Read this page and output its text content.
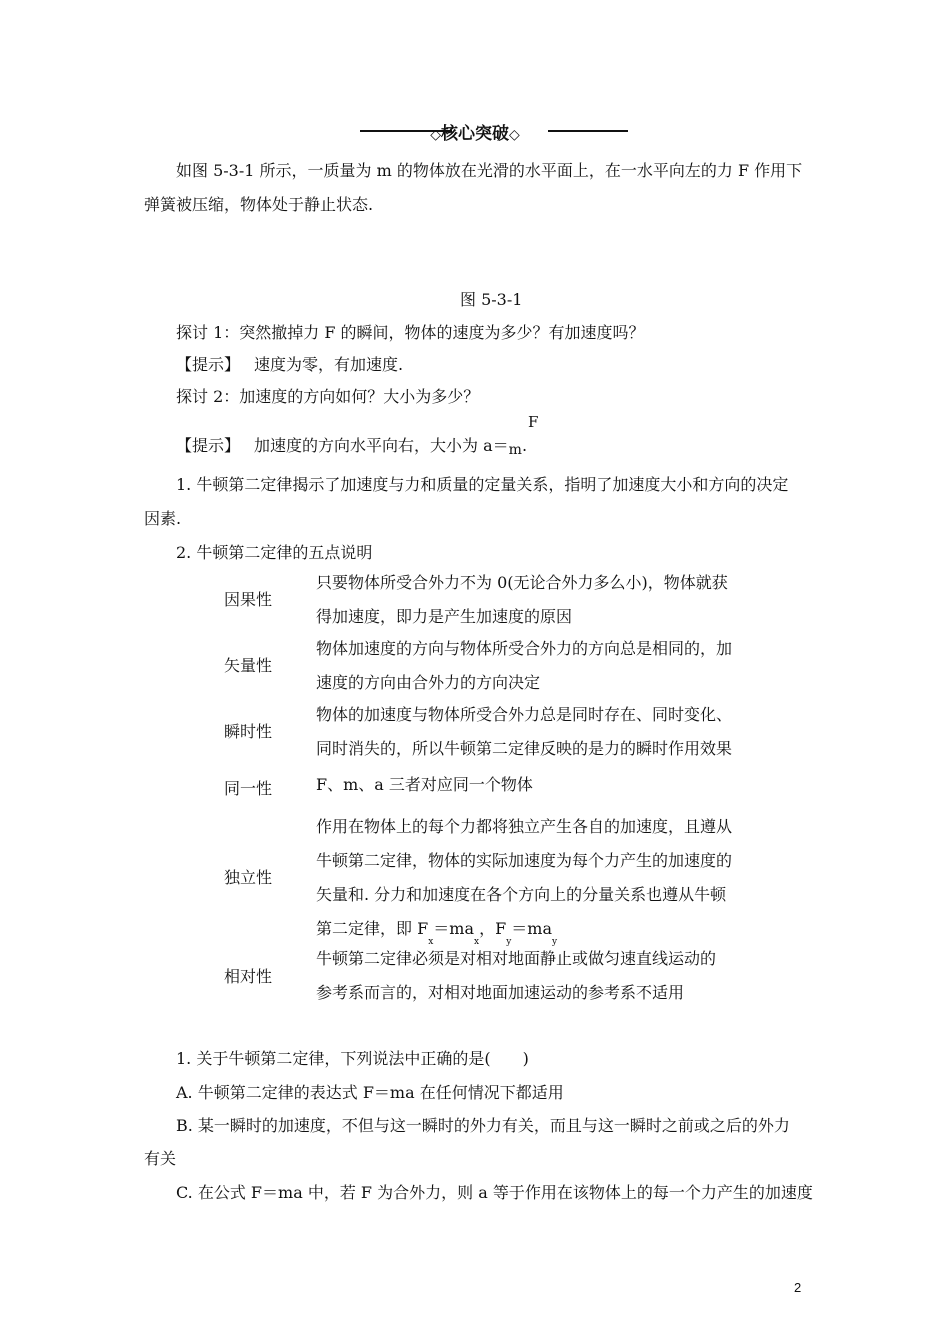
◇核心突破◇
如图 5-3-1 所示，一质量为 m 的物体放在光滑的水平面上，在一水平向左的力 F 作用下
弹簧被压缩，物体处于静止状态.
图 5-3-1
探讨 1：突然撤掉力 F 的瞬间，物体的速度为多少？有加速度吗？
【提示】 速度为零，有加速度.
探讨 2：加速度的方向如何？大小为多少？
F
【提示】 加速度的方向水平向右，大小为 a＝m.
1. 牛顿第二定律揭示了加速度与力和质量的定量关系，指明了加速度大小和方向的决定
因素.
2. 牛顿第二定律的五点说明
因果性
只要物体所受合外力不为 0(无论合外力多么小)，物体就获
得加速度，即力是产生加速度的原因
矢量性
物体加速度的方向与物体所受合外力的方向总是相同的，加
速度的方向由合外力的方向决定
瞬时性
物体的加速度与物体所受合外力总是同时存在、同时变化、
同时消失的，所以牛顿第二定律反映的是力的瞬时作用效果
同一性	F、m、a 三者对应同一个物体
独立性
作用在物体上的每个力都将独立产生各自的加速度，且遵从
牛顿第二定律，物体的实际加速度为每个力产生的加速度的
矢量和. 分力和加速度在各个方向上的分量关系也遵从牛顿
第二定律，即 $F_x=ma_x$，$F_y=ma_y$
相对性
牛顿第二定律必须是对相对地面静止或做匀速直线运动的
参考系而言的，对相对地面加速运动的参考系不适用
1. 关于牛顿第二定律，下列说法中正确的是(　　)
A. 牛顿第二定律的表达式 F＝ma 在任何情况下都适用
B. 某一瞬时的加速度，不但与这一瞬时的外力有关，而且与这一瞬时之前或之后的外力
有关
C. 在公式 F＝ma 中，若 F 为合外力，则 a 等于作用在该物体上的每一个力产生的加速度
2
